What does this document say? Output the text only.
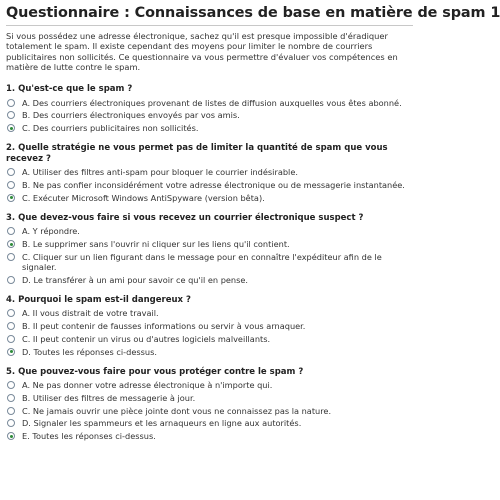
Questionnaire : Connaissances de base en matière de spam 1

Si vous possédez une adresse électronique, sachez qu'il est presque impossible d'éradiquer totalement le spam. Il existe cependant des moyens pour limiter le nombre de courriers publicitaires non sollicités. Ce questionnaire va vous permettre d'évaluer vos compétences en matière de lutte contre le spam.

1. Qu'est-ce que le spam ?
A. Des courriers électroniques provenant de listes de diffusion auxquelles vous êtes abonné.
B. Des courriers électroniques envoyés par vos amis.
C. Des courriers publicitaires non sollicités.
2. Quelle stratégie ne vous permet pas de limiter la quantité de spam que vous recevez ?
A. Utiliser des filtres anti-spam pour bloquer le courrier indésirable.
B. Ne pas confier inconsidérément votre adresse électronique ou de messagerie instantanée.
C. Exécuter Microsoft Windows AntiSpyware (version bêta).
3. Que devez-vous faire si vous recevez un courrier électronique suspect ?
A. Y répondre.
B. Le supprimer sans l'ouvrir ni cliquer sur les liens qu'il contient.
C. Cliquer sur un lien figurant dans le message pour en connaître l'expéditeur afin de le signaler.
D. Le transférer à un ami pour savoir ce qu'il en pense.
4. Pourquoi le spam est-il dangereux ?
A. Il vous distrait de votre travail.
B. Il peut contenir de fausses informations ou servir à vous arnaquer.
C. Il peut contenir un virus ou d'autres logiciels malveillants.
D. Toutes les réponses ci-dessus.
5. Que pouvez-vous faire pour vous protéger contre le spam ?
A. Ne pas donner votre adresse électronique à n'importe qui.
B. Utiliser des filtres de messagerie à jour.
C. Ne jamais ouvrir une pièce jointe dont vous ne connaissez pas la nature.
D. Signaler les spammeurs et les arnaqueurs en ligne aux autorités.
E. Toutes les réponses ci-dessus.
